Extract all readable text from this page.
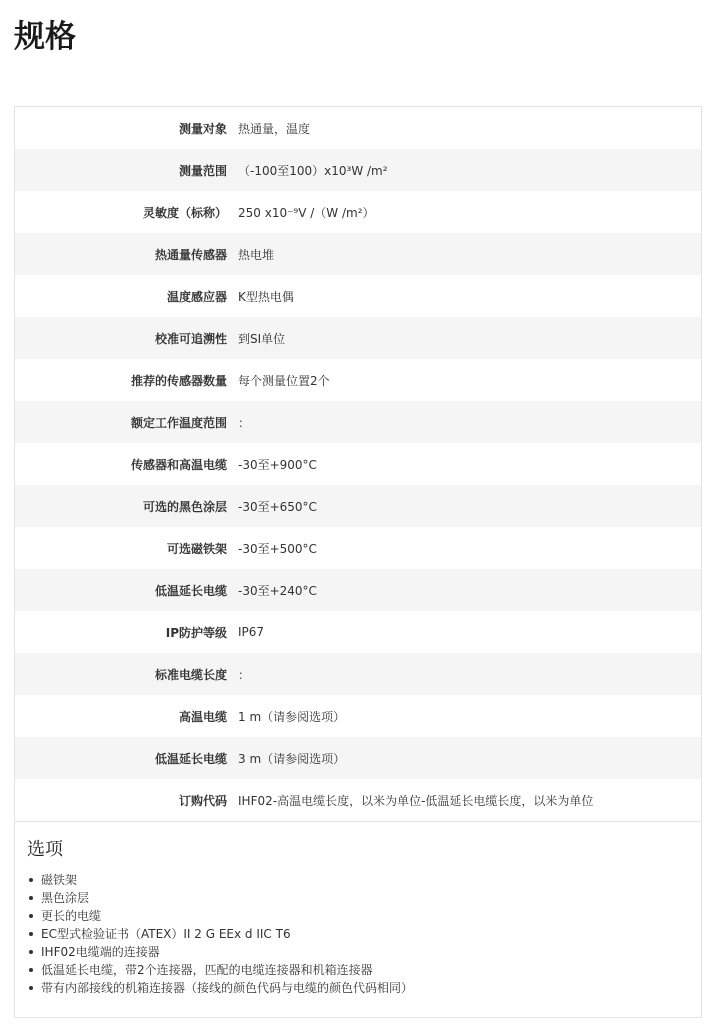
规格
测量对象	热通量，温度
测量范围	（-100至100）x10³W /m²
灵敏度（标称）	250 x10⁻⁹V /（W /m²）
热通量传感器	热电堆
温度感应器	K型热电偶
校准可追溯性	到SI单位
推荐的传感器数量	每个测量位置2个
额定工作温度范围	：
传感器和高温电缆	-30至+900°C
可选的黑色涂层	-30至+650°C
可选磁铁架	-30至+500°C
低温延长电缆	-30至+240°C
IP防护等级	IP67
标准电缆长度	：
高温电缆	1 m（请参阅选项）
低温延长电缆	3 m（请参阅选项）
订购代码	IHF02-高温电缆长度，以米为单位-低温延长电缆长度，以米为单位
选项
磁铁架
黑色涂层
更长的电缆
EC型式检验证书（ATEX）II 2 G EEx d IIC T6
IHF02电缆端的连接器
低温延长电缆，带2个连接器，匹配的电缆连接器和机箱连接器
带有内部接线的机箱连接器（接线的颜色代码与电缆的颜色代码相同）
